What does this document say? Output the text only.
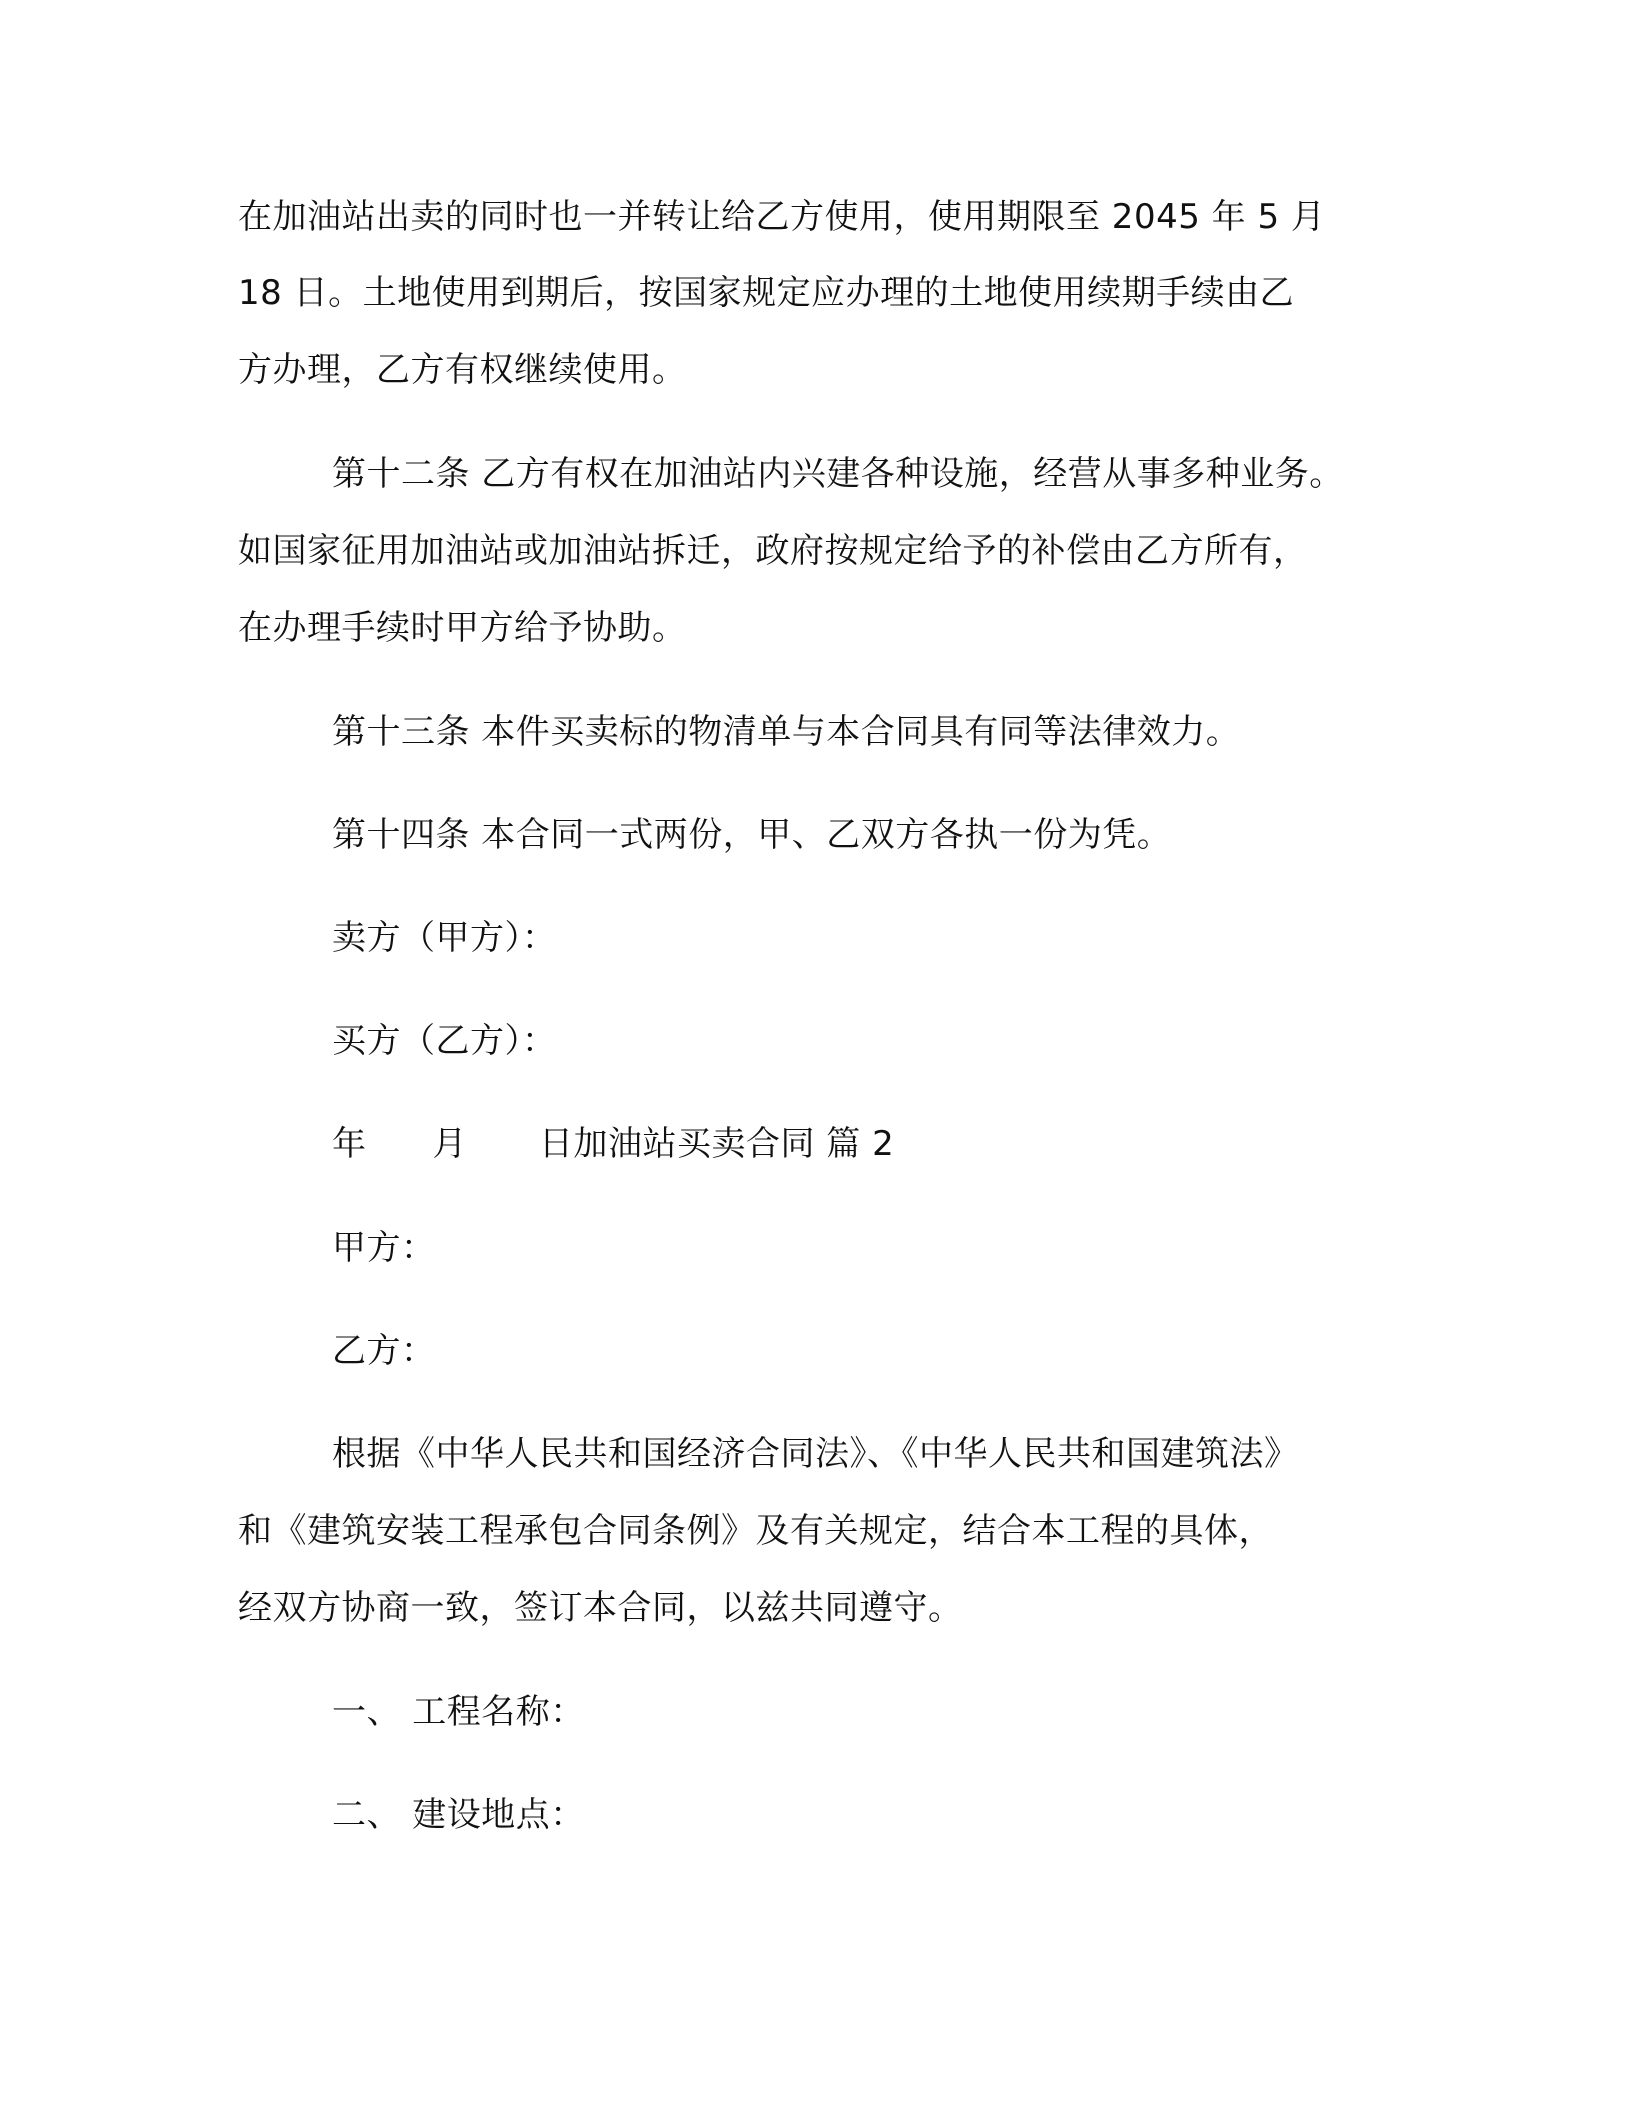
在加油站出卖的同时也一并转让给乙方使用，使用期限至 2045 年 5 月
18 日。土地使用到期后，按国家规定应办理的土地使用续期手续由乙
方办理，乙方有权继续使用。
第十二条 乙方有权在加油站内兴建各种设施，经营从事多种业务。
如国家征用加油站或加油站拆迁，政府按规定给予的补偿由乙方所有，
在办理手续时甲方给予协助。
第十三条 本件买卖标的物清单与本合同具有同等法律效力。
第十四条 本合同一式两份，甲、乙双方各执一份为凭。
卖方（甲方）：
买方（乙方）：
年 月 日加油站买卖合同 篇 2
甲方：
乙方：
根据《中华人民共和国经济合同法》、《中华人民共和国建筑法》
和《建筑安装工程承包合同条例》及有关规定，结合本工程的具体，
经双方协商一致，签订本合同，以兹共同遵守。
一、 工程名称：
二、 建设地点：
